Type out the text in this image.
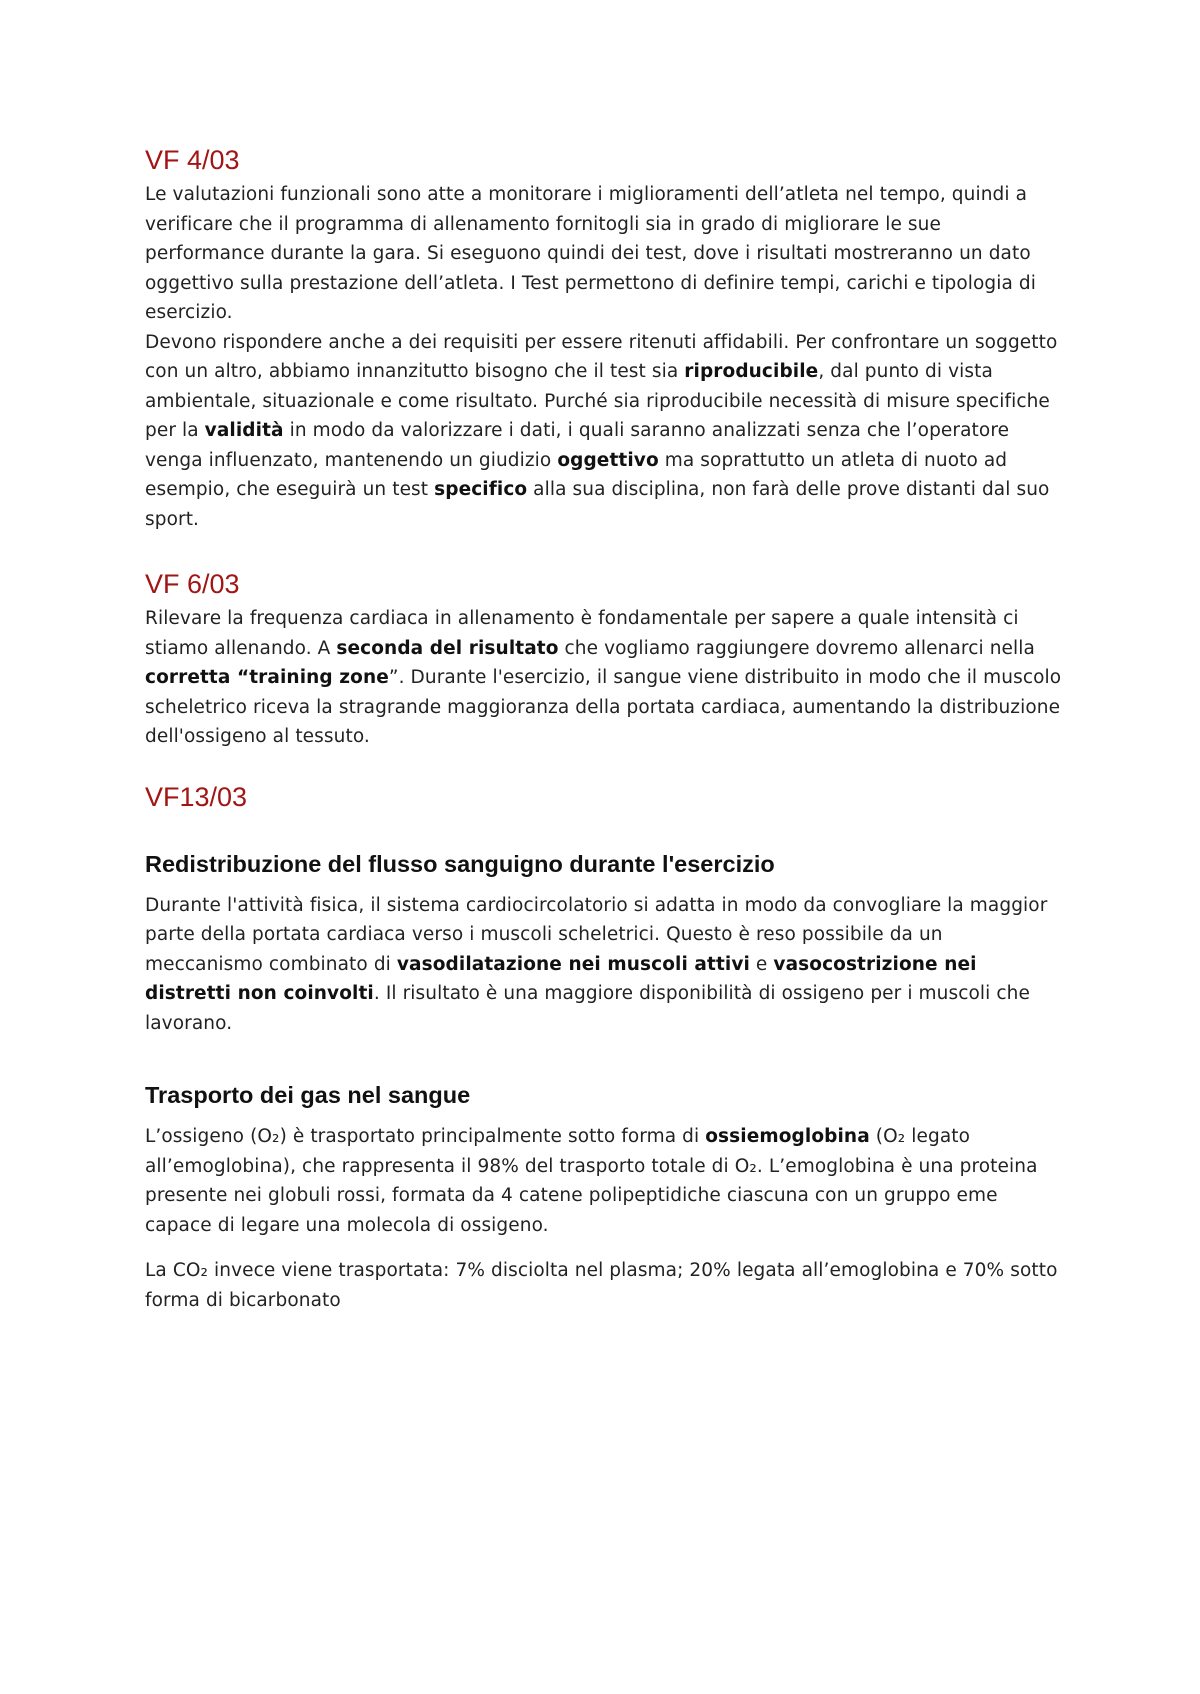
VF 4/03

Le valutazioni funzionali sono atte a monitorare i miglioramenti dell’atleta nel tempo, quindi a verificare che il programma di allenamento fornitogli sia in grado di migliorare le sue performance durante la gara. Si eseguono quindi dei test, dove i risultati mostreranno un dato oggettivo sulla prestazione dell’atleta. I Test permettono di definire tempi, carichi e tipologia di esercizio.

Devono rispondere anche a dei requisiti per essere ritenuti affidabili. Per confrontare un soggetto con un altro, abbiamo innanzitutto bisogno che il test sia riproducibile, dal punto di vista ambientale, situazionale e come risultato. Purché sia riproducibile necessità di misure specifiche per la validità in modo da valorizzare i dati, i quali saranno analizzati senza che l’operatore venga influenzato, mantenendo un giudizio oggettivo ma soprattutto un atleta di nuoto ad esempio, che eseguirà un test specifico alla sua disciplina, non farà delle prove distanti dal suo sport.

VF 6/03

Rilevare la frequenza cardiaca in allenamento è fondamentale per sapere a quale intensità ci stiamo allenando. A seconda del risultato che vogliamo raggiungere dovremo allenarci nella corretta “training zone”. Durante l'esercizio, il sangue viene distribuito in modo che il muscolo scheletrico riceva la stragrande maggioranza della portata cardiaca, aumentando la distribuzione dell'ossigeno al tessuto.

VF13/03
Redistribuzione del flusso sanguigno durante l'esercizio

Durante l'attività fisica, il sistema cardiocircolatorio si adatta in modo da convogliare la maggior parte della portata cardiaca verso i muscoli scheletrici. Questo è reso possibile da un meccanismo combinato di vasodilatazione nei muscoli attivi e vasocostrizione nei distretti non coinvolti. Il risultato è una maggiore disponibilità di ossigeno per i muscoli che lavorano.

Trasporto dei gas nel sangue

L’ossigeno (O₂) è trasportato principalmente sotto forma di ossiemoglobina (O₂ legato all’emoglobina), che rappresenta il 98% del trasporto totale di O₂. L’emoglobina è una proteina presente nei globuli rossi, formata da 4 catene polipeptidiche ciascuna con un gruppo eme capace di legare una molecola di ossigeno.

La CO₂ invece viene trasportata: 7% disciolta nel plasma; 20% legata all’emoglobina e 70% sotto forma di bicarbonato
